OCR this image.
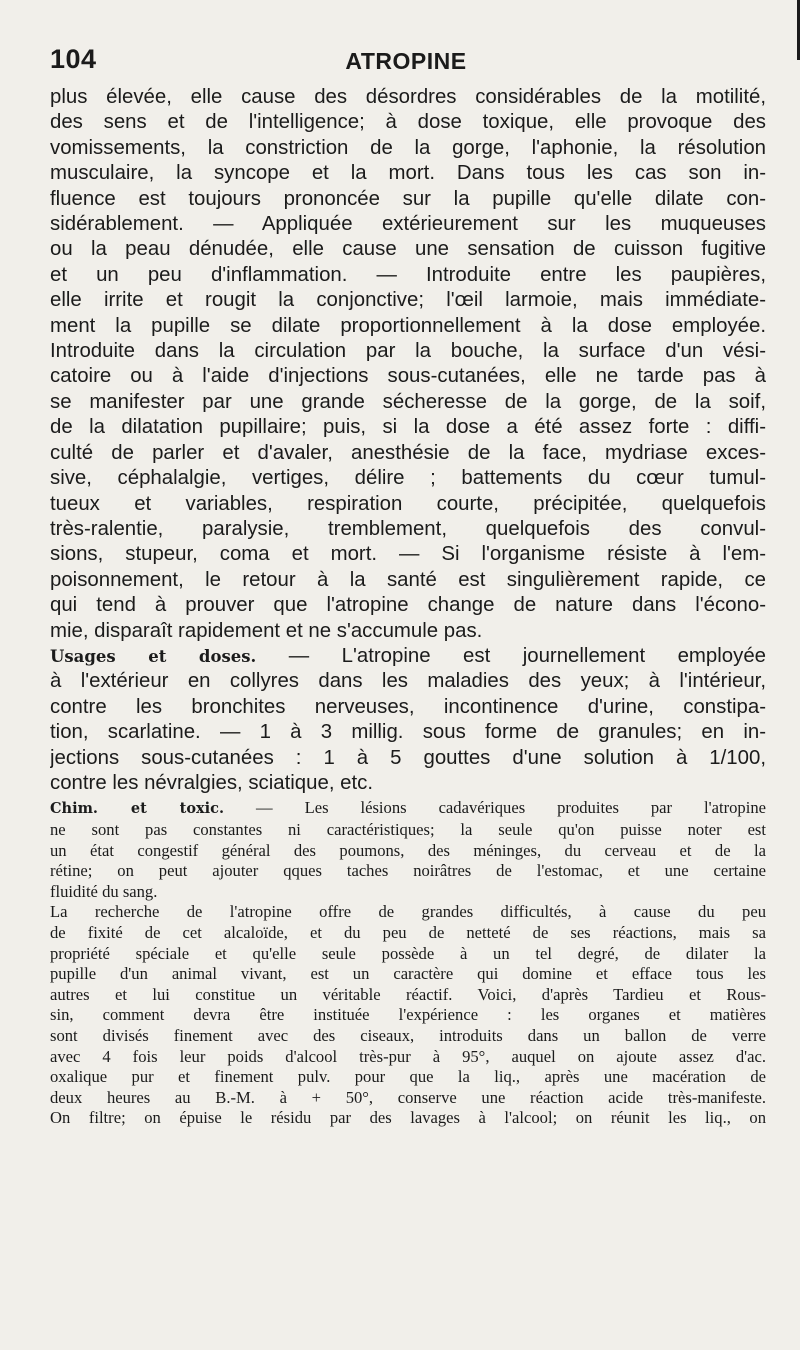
104	ATROPINE

plus élevée, elle cause des désordres considérables de la motilité,
des sens et de l'intelligence; à dose toxique, elle provoque des
vomissements, la constriction de la gorge, l'aphonie, la résolution
musculaire, la syncope et la mort. Dans tous les cas son in-
fluence est toujours prononcée sur la pupille qu'elle dilate con-
sidérablement. — Appliquée extérieurement sur les muqueuses
ou la peau dénudée, elle cause une sensation de cuisson fugitive
et un peu d'inflammation. — Introduite entre les paupières,
elle irrite et rougit la conjonctive; l'œil larmoie, mais immédiate-
ment la pupille se dilate proportionnellement à la dose employée.
Introduite dans la circulation par la bouche, la surface d'un vési-
catoire ou à l'aide d'injections sous-cutanées, elle ne tarde pas à
se manifester par une grande sécheresse de la gorge, de la soif,
de la dilatation pupillaire; puis, si la dose a été assez forte : diffi-
culté de parler et d'avaler, anesthésie de la face, mydriase exces-
sive, céphalalgie, vertiges, délire ; battements du cœur tumul-
tueux et variables, respiration courte, précipitée, quelquefois
très-ralentie, paralysie, tremblement, quelquefois des convul-
sions, stupeur, coma et mort. — Si l'organisme résiste à l'em-
poisonnement, le retour à la santé est singulièrement rapide, ce
qui tend à prouver que l'atropine change de nature dans l'écono-
mie, disparaît rapidement et ne s'accumule pas.

Usages et doses. — L'atropine est journellement employée
à l'extérieur en collyres dans les maladies des yeux; à l'intérieur,
contre les bronchites nerveuses, incontinence d'urine, constipa-
tion, scarlatine. — 1 à 3 millig. sous forme de granules; en in-
jections sous-cutanées : 1 à 5 gouttes d'une solution à 1/100,
contre les névralgies, sciatique, etc.

Chim. et toxic. — Les lésions cadavériques produites par l'atropine
ne sont pas constantes ni caractéristiques; la seule qu'on puisse noter est
un état congestif général des poumons, des méninges, du cerveau et de la
rétine; on peut ajouter qques taches noirâtres de l'estomac, et une certaine
fluidité du sang.

La recherche de l'atropine offre de grandes difficultés, à cause du peu
de fixité de cet alcaloïde, et du peu de netteté de ses réactions, mais sa
propriété spéciale et qu'elle seule possède à un tel degré, de dilater la
pupille d'un animal vivant, est un caractère qui domine et efface tous les
autres et lui constitue un véritable réactif. Voici, d'après Tardieu et Rous-
sin, comment devra être instituée l'expérience : les organes et matières
sont divisés finement avec des ciseaux, introduits dans un ballon de verre
avec 4 fois leur poids d'alcool très-pur à 95°, auquel on ajoute assez d'ac.
oxalique pur et finement pulv. pour que la liq., après une macération de
deux heures au B.-M. à + 50°, conserve une réaction acide très-manifeste.
On filtre; on épuise le résidu par des lavages à l'alcool; on réunit les liq., on
